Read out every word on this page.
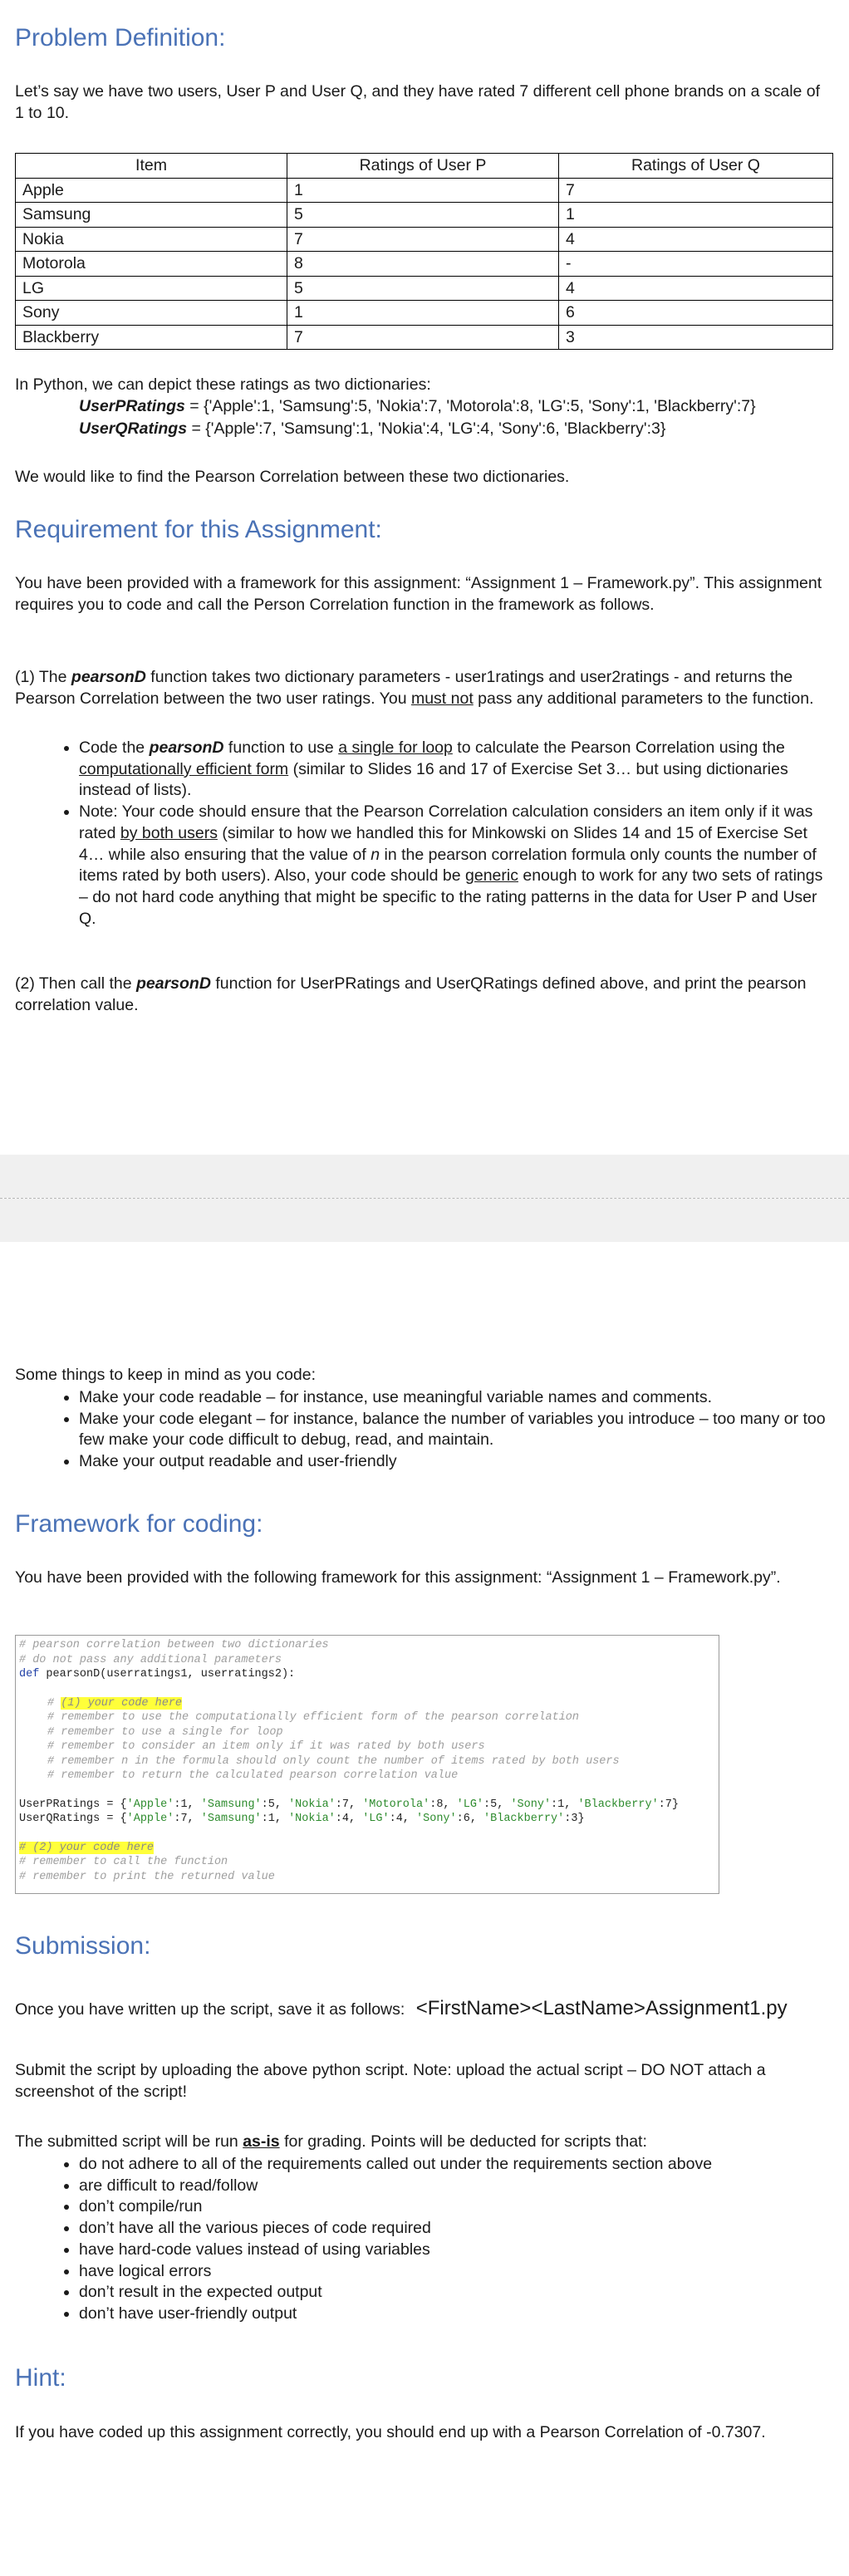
Problem Definition:

Let’s say we have two users, User P and User Q, and they have rated 7 different cell phone brands on a scale of 1 to 10.

Item	Ratings of User P	Ratings of User Q
Apple	1	7
Samsung	5	1
Nokia	7	4
Motorola	8	-
LG	5	4
Sony	1	6
Blackberry	7	3

In Python, we can depict these ratings as two dictionaries:

UserPRatings = {'Apple':1, 'Samsung':5, 'Nokia':7, 'Motorola':8, 'LG':5, 'Sony':1, 'Blackberry':7}

UserQRatings = {'Apple':7, 'Samsung':1, 'Nokia':4, 'LG':4, 'Sony':6, 'Blackberry':3}

We would like to find the Pearson Correlation between these two dictionaries.

Requirement for this Assignment:

You have been provided with a framework for this assignment: “Assignment 1 – Framework.py”. This assignment requires you to code and call the Person Correlation function in the framework as follows.

(1) The pearsonD function takes two dictionary parameters - user1ratings and user2ratings - and returns the Pearson Correlation between the two user ratings. You must not pass any additional parameters to the function.

• Code the pearsonD function to use a single for loop to calculate the Pearson Correlation using the computationally efficient form (similar to Slides 16 and 17 of Exercise Set 3… but using dictionaries instead of lists).
• Note: Your code should ensure that the Pearson Correlation calculation considers an item only if it was rated by both users (similar to how we handled this for Minkowski on Slides 14 and 15 of Exercise Set 4… while also ensuring that the value of n in the pearson correlation formula only counts the number of items rated by both users). Also, your code should be generic enough to work for any two sets of ratings – do not hard code anything that might be specific to the rating patterns in the data for User P and User Q.

(2) Then call the pearsonD function for UserPRatings and UserQRatings defined above, and print the pearson correlation value.

Some things to keep in mind as you code:

• Make your code readable – for instance, use meaningful variable names and comments.
• Make your code elegant – for instance, balance the number of variables you introduce – too many or too few make your code difficult to debug, read, and maintain.
• Make your output readable and user-friendly
Framework for coding:

You have been provided with the following framework for this assignment: “Assignment 1 – Framework.py”.

# pearson correlation between two dictionaries
# do not pass any additional parameters
def pearsonD(userratings1, userratings2):
# (1) your code here
# remember to use the computationally efficient form of the pearson correlation
# remember to use a single for loop
# remember to consider an item only if it was rated by both users
# remember n in the formula should only count the number of items rated by both users
# remember to return the calculated pearson correlation value
UserPRatings = {'Apple':1, 'Samsung':5, 'Nokia':7, 'Motorola':8, 'LG':5, 'Sony':1, 'Blackberry':7}
UserQRatings = {'Apple':7, 'Samsung':1, 'Nokia':4, 'LG':4, 'Sony':6, 'Blackberry':3}
# (2) your code here
# remember to call the function
# remember to print the returned value
Submission:

Once you have written up the script, save it as follows: <FirstName><LastName>Assignment1.py

Submit the script by uploading the above python script. Note: upload the actual script – DO NOT attach a screenshot of the script!

The submitted script will be run as-is for grading. Points will be deducted for scripts that:

• do not adhere to all of the requirements called out under the requirements section above
• are difficult to read/follow
• don’t compile/run
• don’t have all the various pieces of code required
• have hard-code values instead of using variables
• have logical errors
• don’t result in the expected output
• don’t have user-friendly output
Hint:

If you have coded up this assignment correctly, you should end up with a Pearson Correlation of -0.7307.
